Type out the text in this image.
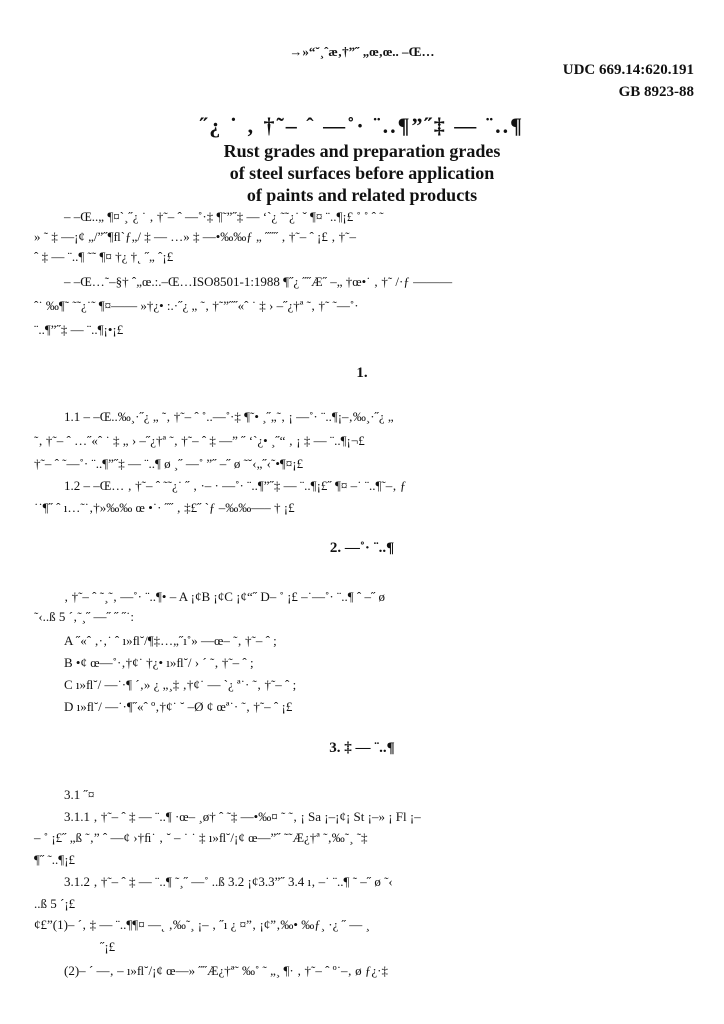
→»“˘¸ˆæ‚†”˝ „œ‚œ.. –Œ…
UDC 669.14:620.191
GB 8923-88
˝¿ ˙ ‚ †˜– ˆ —˚· ¨..¶”˝‡ — ¨..¶
Rust grades and preparation grades
of steel surfaces before application
of paints and related products
– –Œ..„ ¶¤`¸˝¿ ˙ ‚ †˜– ˆ —˚·‡ ¶˜”˝‡ — ‘`¿ ˜˜¿˙ ˇ ¶¤ ¨..¶¡£ ˚ ˚ ˆ ˜
» ˜ ‡ —¡¢ „/”˝¶ﬂ`ƒ„/ ‡ — …» ‡ —•‰‰ƒ „ ˝˝˝ ‚ †˜– ˆ ¡£ ‚ †˜–
ˆ ‡ — ¨..¶ ˜˜ ¶¤ †¿ †˛ ˝„ ˆ¡£
– –Œ…˜–§† ˆ„œ.:.–Œ…ISO8501-1:1988 ¶˝¿ ˝˝Æ˝ –„ †œ•˙ ‚ †˜ /·ƒ ———
ˆ˙ ‰¶˜ ˜˜¿˙˜ ¶¤—— »†¿• :.·˝¿ „ ˜‚ †˜”˝˝«ˆ ˙ ‡ › –˝¿†ª ˜‚ †˜ ˜—˚·
¨..¶”˝‡ — ¨..¶¡•¡£
1.
1.1 – –Œ..‰¸·˝¿ „ ˜‚ †˜– ˆ ˚..—˚·‡ ¶˜• ¸˝„˜‚ ¡ —˚· ¨..¶¡–‚‰¸·˝¿ „
˜‚ †˜– ˆ …˝«ˆ ˙ ‡ „ › –˝¿†ª ˜‚ †˜– ˆ ‡ —” ˝ ‘`¿• ¸˝“ ‚ ¡ ‡ — ¨..¶¡¬£
†˜– ˆ ˜—˚· ¨..¶”˝‡ — ¨..¶ ø ¸˝ —˚ ”˝ –˝ ø ˜˘‹„˝‹˜•¶¤¡£
1.2 – –Œ… ‚ †˜– ˆ ˜˜¿˙ ˝ ‚ ·– · —˚· ¨..¶”˝‡ — ¨..¶¡£˝ ¶¤ –˙ ¨..¶˜–‚ ƒ
˙˙¶˝ ˆ ı…˜˙‚†»‰‰ œ •˙· ˝˝ ‚ ‡£˝ `ƒ –‰‰—– † ¡£
2. —˚· ¨..¶
‚ †˜– ˆ ˜¸˜‚ —˚· ¨..¶• – A ¡¢B ¡¢C ¡¢“˝ D– ˚ ¡£ –˙—˚· ¨..¶ ˆ –˝ ø
˜‹..ß 5 ´‚˜¸˝ —˝ ˝ ˝˙:
A ˝«ˆ ‚·‚˙ ˆ ı»ﬂ˘/¶‡…„˝ı˚» —œ– ˜‚ †˜– ˆ ;
B •¢ œ—˚·‚†¢˙ †¿• ı»ﬂ˘/ › ´ ˜‚ †˜– ˆ ;
C ı»ﬂ˘/ —˙·¶ ´‚» ¿ „¸‡ ‚†¢˙ — `¿ ª˙· ˜‚ †˜– ˆ ;
D ı»ﬂ˘/ —˙·¶˝«ˆ º‚†¢˙ ˘ –Ø ¢ œª˙· ˜‚ †˜– ˆ ¡£
3. ‡ — ¨..¶
3.1 ˝¤
3.1.1 ‚ †˜– ˆ ‡ — ¨..¶ ·œ– ¸ø† ˆ ˜‡ —•‰¤ ˜ ˜‚ ¡ Sa ¡–¡¢¡ St ¡–» ¡ Fl ¡–
– ˚ ¡£˝ „ß ˜‚” ˆ —¢ ›†ﬁ˙ ‚ ˘ – ˙ ˙ ‡ ı»ﬂ˘/¡¢ œ—”˝ ˜˜Æ¿†ª ˜‚‰˜¸ ˜‡
¶˝ ˜..¶¡£
3.1.2 ‚ †˜– ˆ ‡ — ¨..¶ ˜¸˝ —˚ ..ß 3.2 ¡¢3.3”˝ 3.4 ı‚ –˙ ¨..¶ ˜ –˝ ø ˜‹
..ß 5 ´¡£
¢£”(1)– ´‚ ‡ — ¨..¶¶¤ —˛ ‚‰˜¸ ¡– ‚ ˝ı ¿ ¤”‚ ¡¢”‚‰• ‰ƒ¸ ·¿ ˝ — ¸
˝¡£
(2)– ´ —‚ – ı»ﬂ˘/¡¢ œ—» ˝˝Æ¿†ª˜ ‰˚ ˜ „¸ ¶· ‚ †˜– ˆ º˙–‚ ø ƒ¿·‡
